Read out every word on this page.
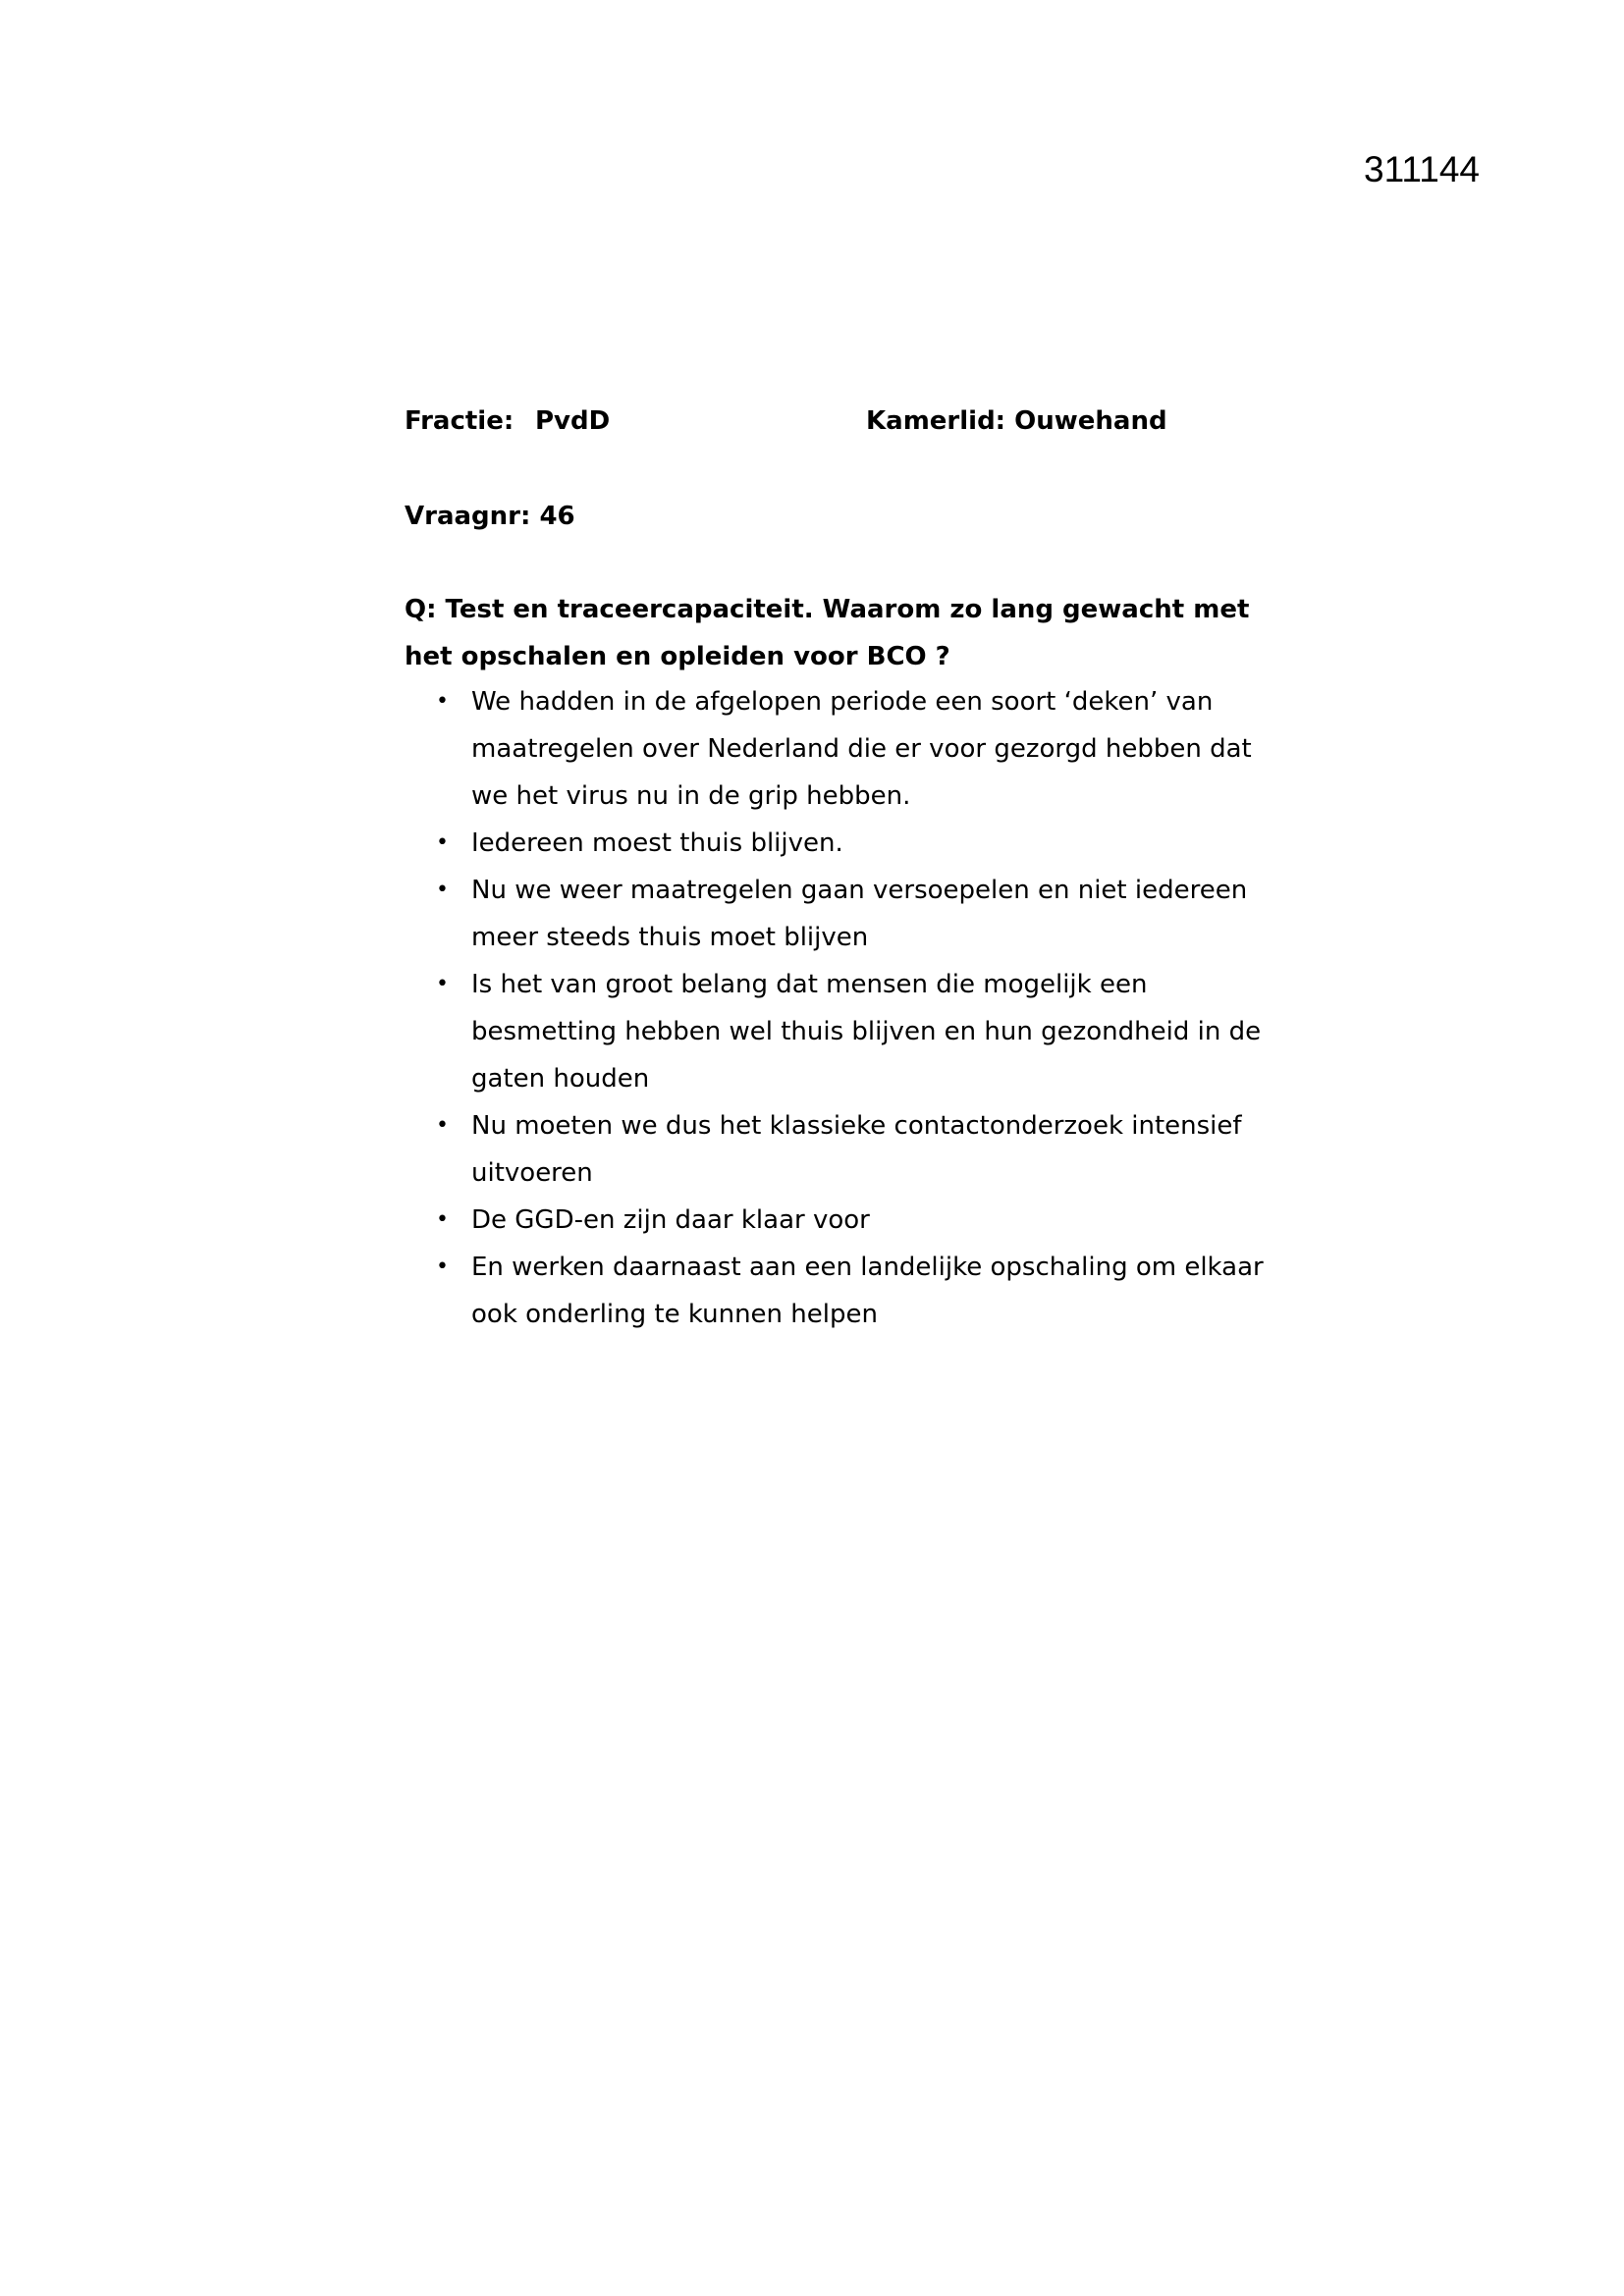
311144
Fractie: PvdD	Kamerlid: Ouwehand
Vraagnr: 46
Q: Test en traceercapaciteit. Waarom zo lang gewacht met het opschalen en opleiden voor BCO ?
• We hadden in de afgelopen periode een soort ‘deken’ van maatregelen over Nederland die er voor gezorgd hebben dat we het virus nu in de grip hebben.
• Iedereen moest thuis blijven.
• Nu we weer maatregelen gaan versoepelen en niet iedereen meer steeds thuis moet blijven
• Is het van groot belang dat mensen die mogelijk een besmetting hebben wel thuis blijven en hun gezondheid in de gaten houden
• Nu moeten we dus het klassieke contactonderzoek intensief uitvoeren
• De GGD-en zijn daar klaar voor
• En werken daarnaast aan een landelijke opschaling om elkaar ook onderling te kunnen helpen
